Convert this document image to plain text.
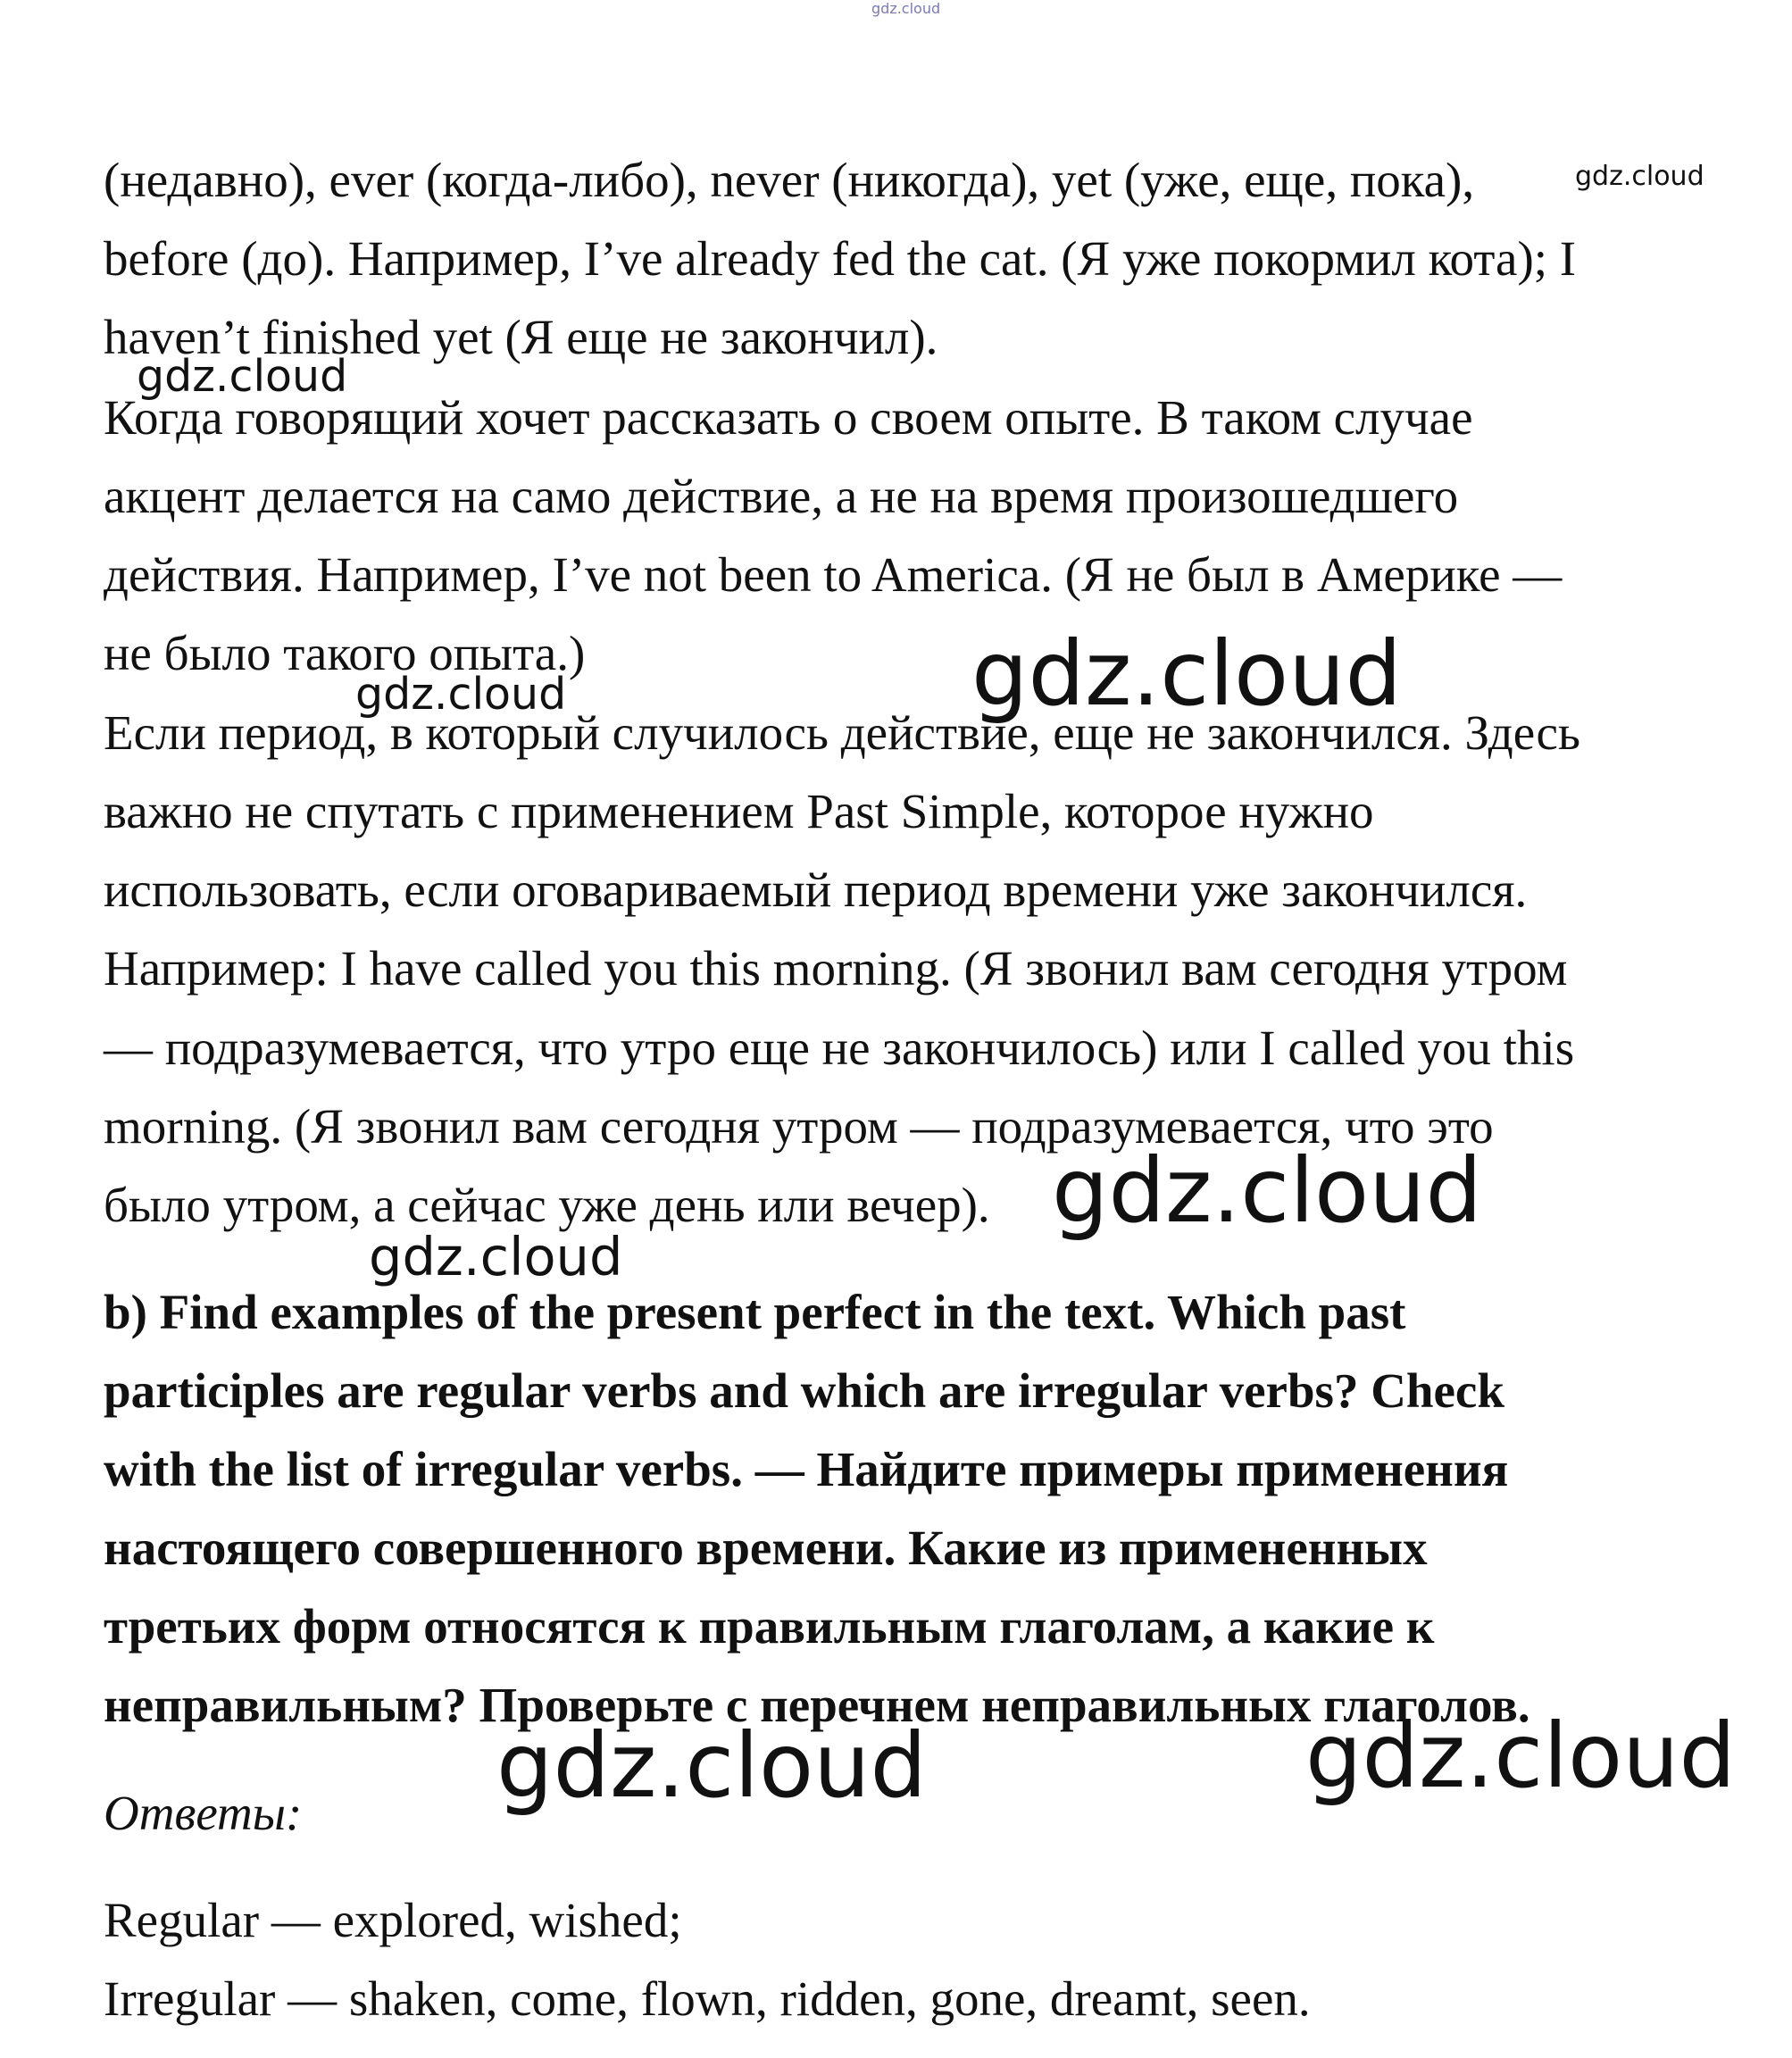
gdz.cloud

(недавно), ever (когда-либо), never (никогда), yet (уже, еще, пока),

before (до). Например, I’ve already fed the cat. (Я уже покормил кота); I

haven’t finished yet (Я еще не закончил).

Когда говорящий хочет рассказать о своем опыте. В таком случае

акцент делается на само действие, а не на время произошедшего

действия. Например, I’ve not been to America. (Я не был в Америке —

не было такого опыта.)

Если период, в который случилось действие, еще не закончился. Здесь

важно не спутать с применением Past Simple, которое нужно

использовать, если оговариваемый период времени уже закончился.

Например: I have called you this morning. (Я звонил вам сегодня утром

— подразумевается, что утро еще не закончилось) или I called you this

morning. (Я звонил вам сегодня утром — подразумевается, что это

было утром, а сейчас уже день или вечер).

b) Find examples of the present perfect in the text. Which past

participles are regular verbs and which are irregular verbs? Check

with the list of irregular verbs. — Найдите примеры применения

настоящего совершенного времени. Какие из примененных

третьих форм относятся к правильным глаголам, а какие к

неправильным? Проверьте с перечнем неправильных глаголов.

Ответы:

Regular — explored, wished;

Irregular — shaken, come, flown, ridden, gone, dreamt, seen.

gdz.cloud

gdz.cloud

gdz.cloud

gdz.cloud

gdz.cloud

gdz.cloud

gdz.cloud	gdz.cloud
